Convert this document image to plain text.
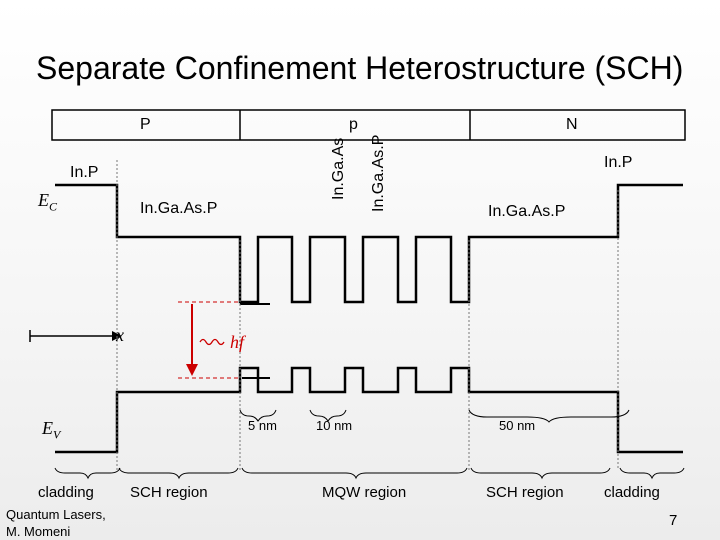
Separate Confinement Heterostructure (SCH)
P	p	N
In.P
In.Ga.As.P
In.Ga.As In.Ga.As.P	In.Ga.As.P
In.P
$E_C$
$E_V$
x	hf
5 nm	10 nm	50 nm
cladding SCH region	MQW region	SCH region	cladding
Quantum Lasers,
M. Momeni
7
